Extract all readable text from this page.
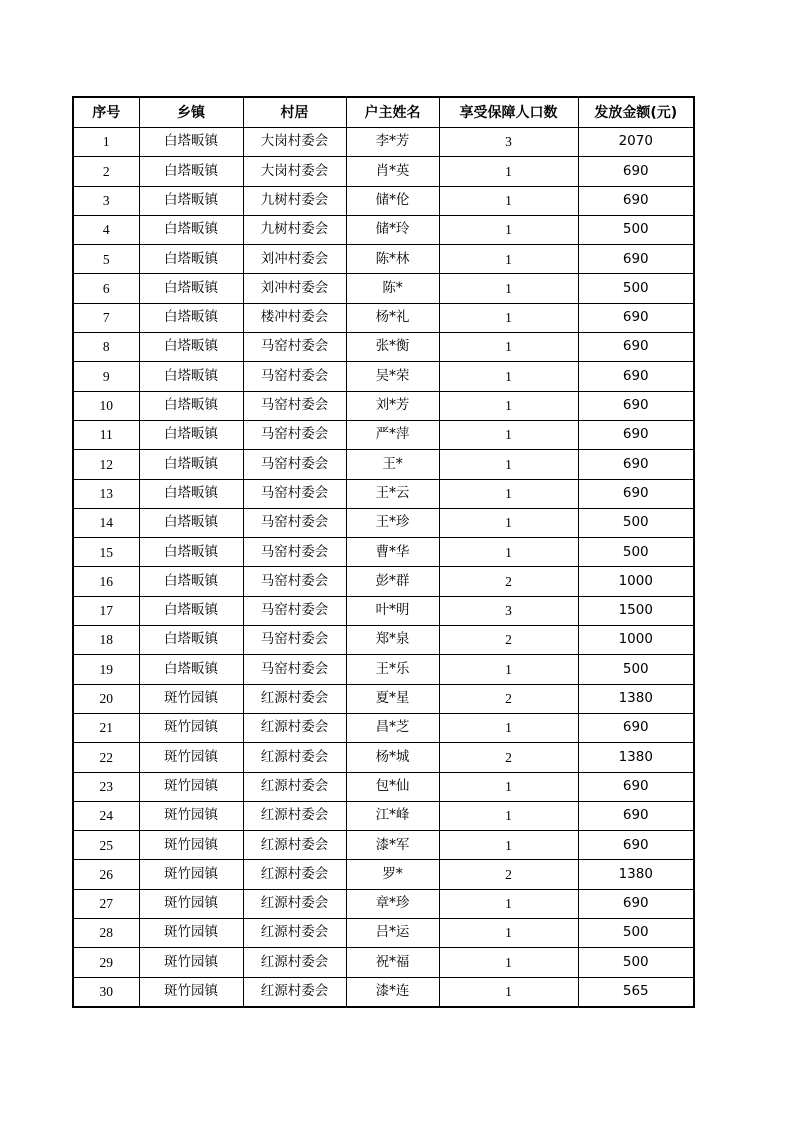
序号	乡镇	村居	户主姓名	享受保障人口数	发放金额(元)
1	白塔畈镇	大岗村委会	李*芳	3	2070
2	白塔畈镇	大岗村委会	肖*英	1	690
3	白塔畈镇	九树村委会	储*伦	1	690
4	白塔畈镇	九树村委会	储*玲	1	500
5	白塔畈镇	刘冲村委会	陈*林	1	690
6	白塔畈镇	刘冲村委会	陈*	1	500
7	白塔畈镇	楼冲村委会	杨*礼	1	690
8	白塔畈镇	马窑村委会	张*衡	1	690
9	白塔畈镇	马窑村委会	吴*荣	1	690
10	白塔畈镇	马窑村委会	刘*芳	1	690
11	白塔畈镇	马窑村委会	严*萍	1	690
12	白塔畈镇	马窑村委会	王*	1	690
13	白塔畈镇	马窑村委会	王*云	1	690
14	白塔畈镇	马窑村委会	王*珍	1	500
15	白塔畈镇	马窑村委会	曹*华	1	500
16	白塔畈镇	马窑村委会	彭*群	2	1000
17	白塔畈镇	马窑村委会	叶*明	3	1500
18	白塔畈镇	马窑村委会	郑*泉	2	1000
19	白塔畈镇	马窑村委会	王*乐	1	500
20	斑竹园镇	红源村委会	夏*星	2	1380
21	斑竹园镇	红源村委会	昌*芝	1	690
22	斑竹园镇	红源村委会	杨*城	2	1380
23	斑竹园镇	红源村委会	包*仙	1	690
24	斑竹园镇	红源村委会	江*峰	1	690
25	斑竹园镇	红源村委会	漆*军	1	690
26	斑竹园镇	红源村委会	罗*	2	1380
27	斑竹园镇	红源村委会	章*珍	1	690
28	斑竹园镇	红源村委会	吕*运	1	500
29	斑竹园镇	红源村委会	祝*福	1	500
30	斑竹园镇	红源村委会	漆*连	1	565
